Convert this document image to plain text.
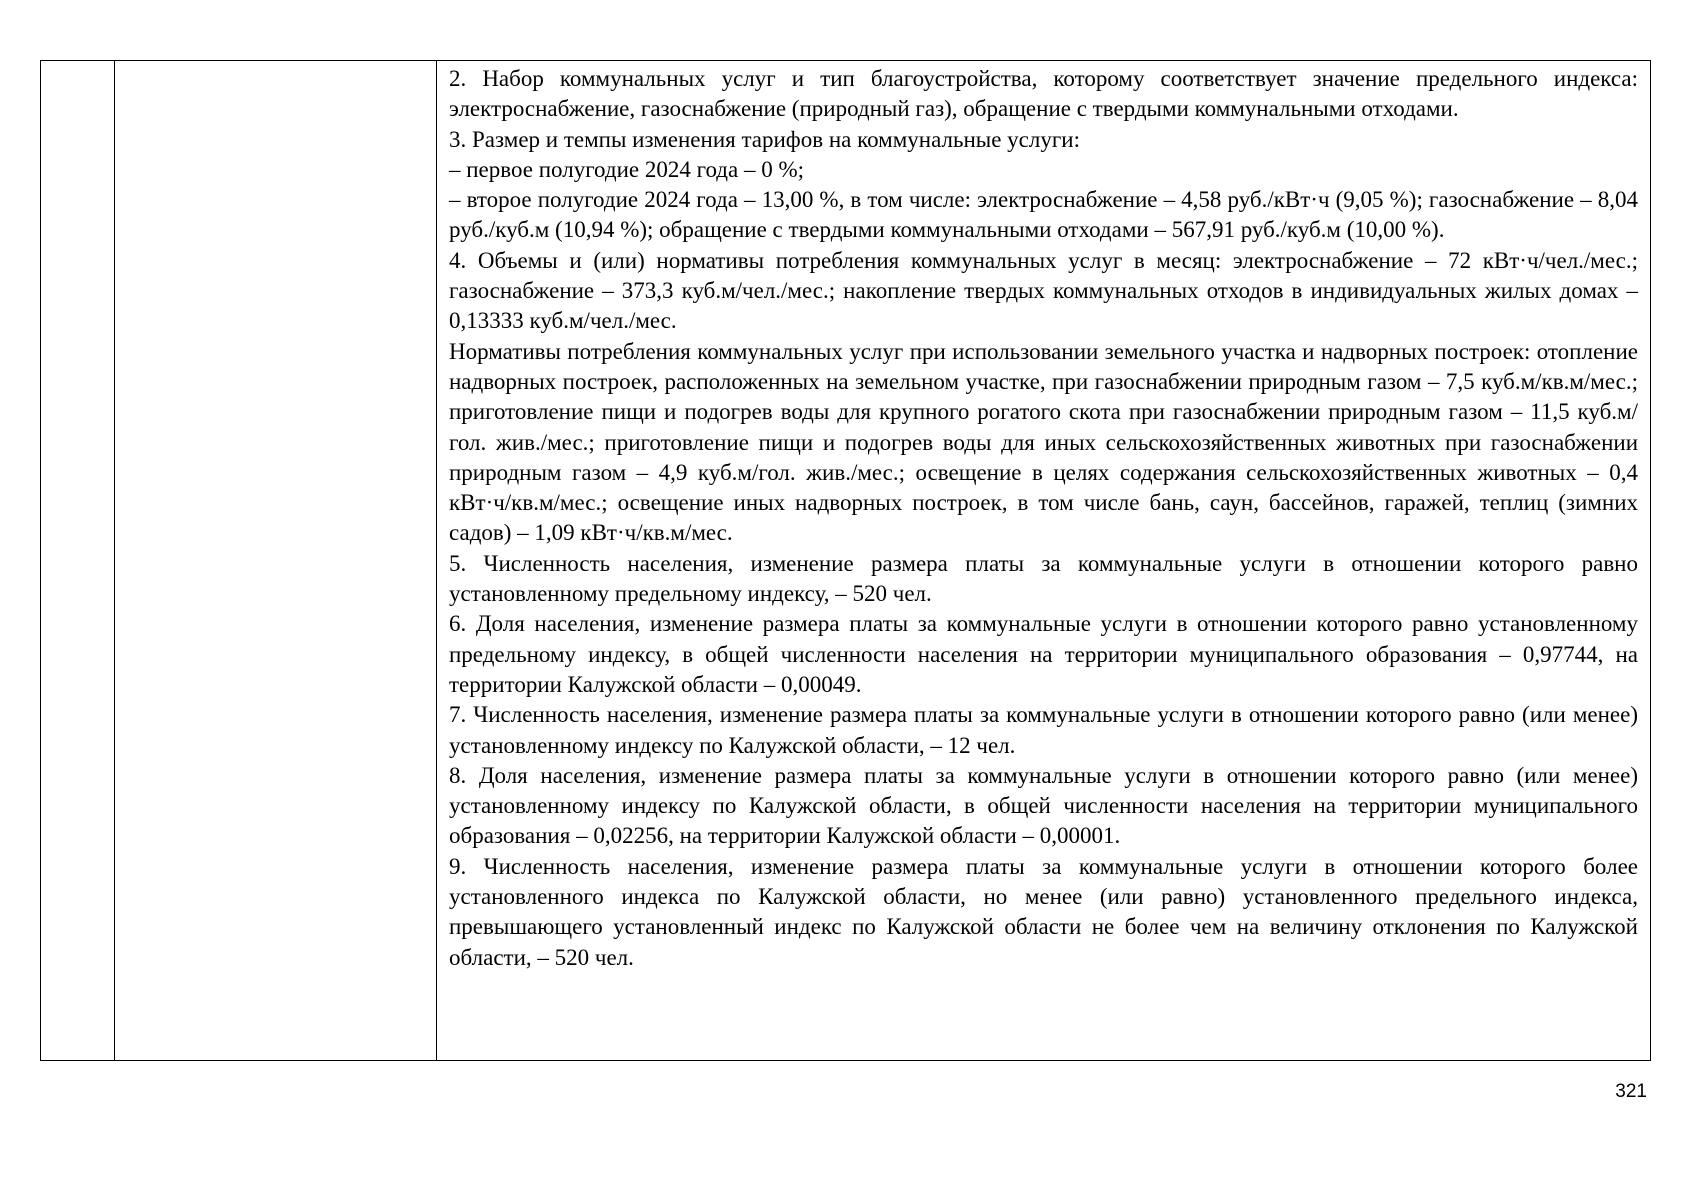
2. Набор коммунальных услуг и тип благоустройства, которому соответствует значение предельного индекса: электроснабжение, газоснабжение (природный газ), обращение с твердыми коммунальными отходами.

3. Размер и темпы изменения тарифов на коммунальные услуги:

– первое полугодие 2024 года – 0 %;

– второе полугодие 2024 года – 13,00 %, в том числе: электроснабжение – 4,58 руб./кВт·ч (9,05 %); газоснабжение – 8,04 руб./куб.м (10,94 %); обращение с твердыми коммунальными отходами – 567,91 руб./куб.м (10,00 %).

4. Объемы и (или) нормативы потребления коммунальных услуг в месяц: электроснабжение – 72 кВт·ч/чел./мес.; газоснабжение – 373,3 куб.м/чел./мес.; накопление твердых коммунальных отходов в индивидуальных жилых домах – 0,13333 куб.м/чел./мес.

Нормативы потребления коммунальных услуг при использовании земельного участка и надворных построек: отопление надворных построек, расположенных на земельном участке, при газоснабжении природным газом – 7,5 куб.м/кв.м/мес.; приготовление пищи и подогрев воды для крупного рогатого скота при газоснабжении природным газом – 11,5 куб.м/гол. жив./мес.; приготовление пищи и подогрев воды для иных сельскохозяйственных животных при газоснабжении природным газом – 4,9 куб.м/гол. жив./мес.; освещение в целях содержания сельскохозяйственных животных – 0,4 кВт·ч/кв.м/мес.; освещение иных надворных построек, в том числе бань, саун, бассейнов, гаражей, теплиц (зимних садов) – 1,09 кВт·ч/кв.м/мес.

5. Численность населения, изменение размера платы за коммунальные услуги в отношении которого равно установленному предельному индексу, – 520 чел.

6. Доля населения, изменение размера платы за коммунальные услуги в отношении которого равно установленному предельному индексу, в общей численности населения на территории муниципального образования – 0,97744, на территории Калужской области – 0,00049.

7. Численность населения, изменение размера платы за коммунальные услуги в отношении которого равно (или менее) установленному индексу по Калужской области, – 12 чел.

8. Доля населения, изменение размера платы за коммунальные услуги в отношении которого равно (или менее) установленному индексу по Калужской области, в общей численности населения на территории муниципального образования – 0,02256, на территории Калужской области – 0,00001.

9. Численность населения, изменение размера платы за коммунальные услуги в отношении которого более установленного индекса по Калужской области, но менее (или равно) установленного предельного индекса, превышающего установленный индекс по Калужской области не более чем на величину отклонения по Калужской области, – 520 чел.

321
